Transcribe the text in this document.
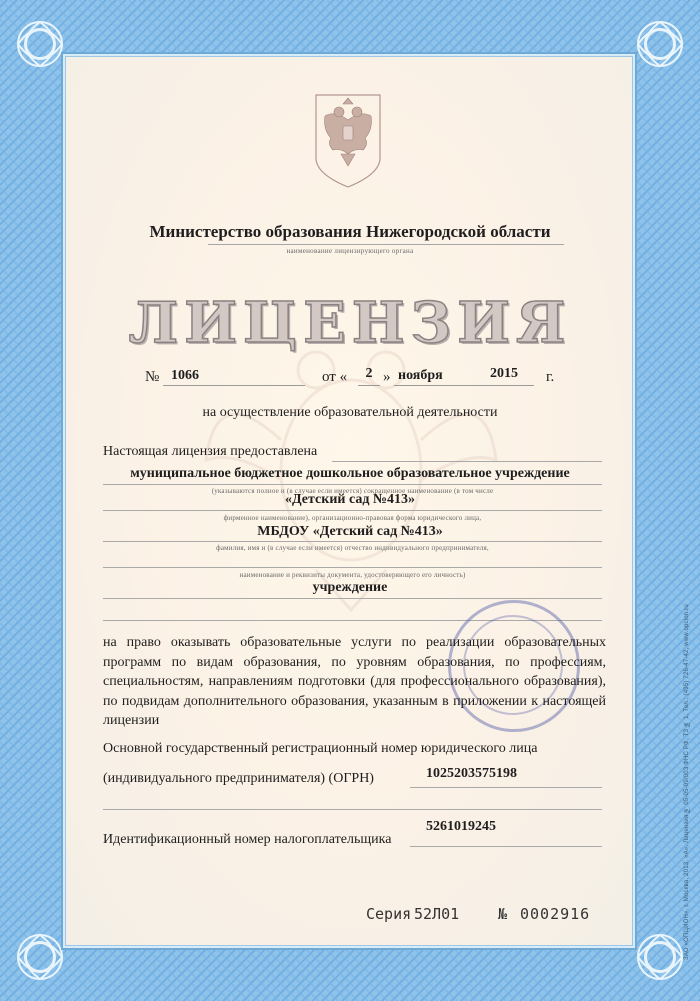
ЗАО «ОПЦИОН», г. Москва, 2013, «А». Лицензия № 05-05-09/003 ФНС РФ, ТЗ № 1, Тел.: (495) 726-47-42, www.opcion.ru
Министерство образования Нижегородской области
наименование лицензирующего органа
ЛИЦЕНЗИЯ
№ 1066	от «	2 » ноября	2015	г.
на осуществление образовательной деятельности
Настоящая лицензия предоставлена
муниципальное бюджетное дошкольное образовательное учреждение
(указываются полное и (в случае если имеется) сокращенное наименование (в том числе
«Детский сад №413»
фирменное наименование), организационно-правовая форма юридического лица,
МБДОУ «Детский сад №413»
фамилия, имя и (в случае если имеется) отчество индивидуального предпринимателя,
наименование и реквизиты документа, удостоверяющего его личность)
учреждение
на право оказывать образовательные услуги по реализации образовательных программ по видам образования, по уровням образования, по профессиям, специальностям, направлениям подготовки (для профессионального образования), по подвидам дополнительного образования, указанным в приложении к настоящей лицензии
Основной государственный регистрационный номер юридического лица
(индивидуального предпринимателя) (ОГРН)	1025203575198
Идентификационный номер налогоплательщика
5261019245
Серия 52Л01	№ 0002916
